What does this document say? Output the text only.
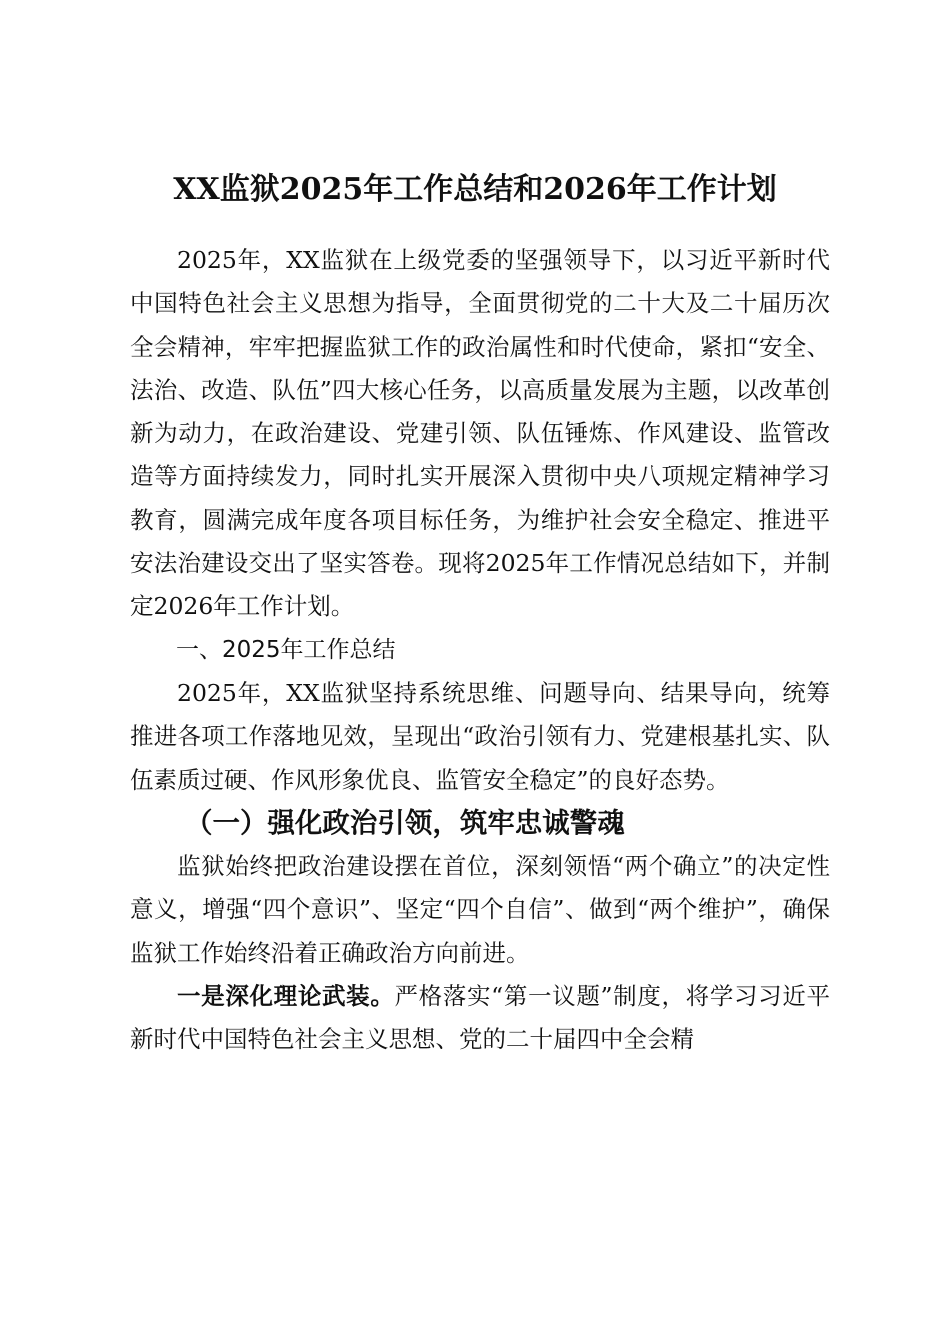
XX监狱2025年工作总结和2026年工作计划

2025年，XX监狱在上级党委的坚强领导下，以习近平新时代中国特色社会主义思想为指导，全面贯彻党的二十大及二十届历次全会精神，牢牢把握监狱工作的政治属性和时代使命，紧扣“安全、法治、改造、队伍”四大核心任务，以高质量发展为主题，以改革创新为动力，在政治建设、党建引领、队伍锤炼、作风建设、监管改造等方面持续发力，同时扎实开展深入贯彻中央八项规定精神学习教育，圆满完成年度各项目标任务，为维护社会安全稳定、推进平安法治建设交出了坚实答卷。现将2025年工作情况总结如下，并制定2026年工作计划。

一、2025年工作总结

2025年，XX监狱坚持系统思维、问题导向、结果导向，统筹推进各项工作落地见效，呈现出“政治引领有力、党建根基扎实、队伍素质过硬、作风形象优良、监管安全稳定”的良好态势。

（一）强化政治引领，筑牢忠诚警魂

监狱始终把政治建设摆在首位，深刻领悟“两个确立”的决定性意义，增强“四个意识”、坚定“四个自信”、做到“两个维护”，确保监狱工作始终沿着正确政治方向前进。

一是深化理论武装。严格落实“第一议题”制度，将学习习近平新时代中国特色社会主义思想、党的二十届四中全会精
